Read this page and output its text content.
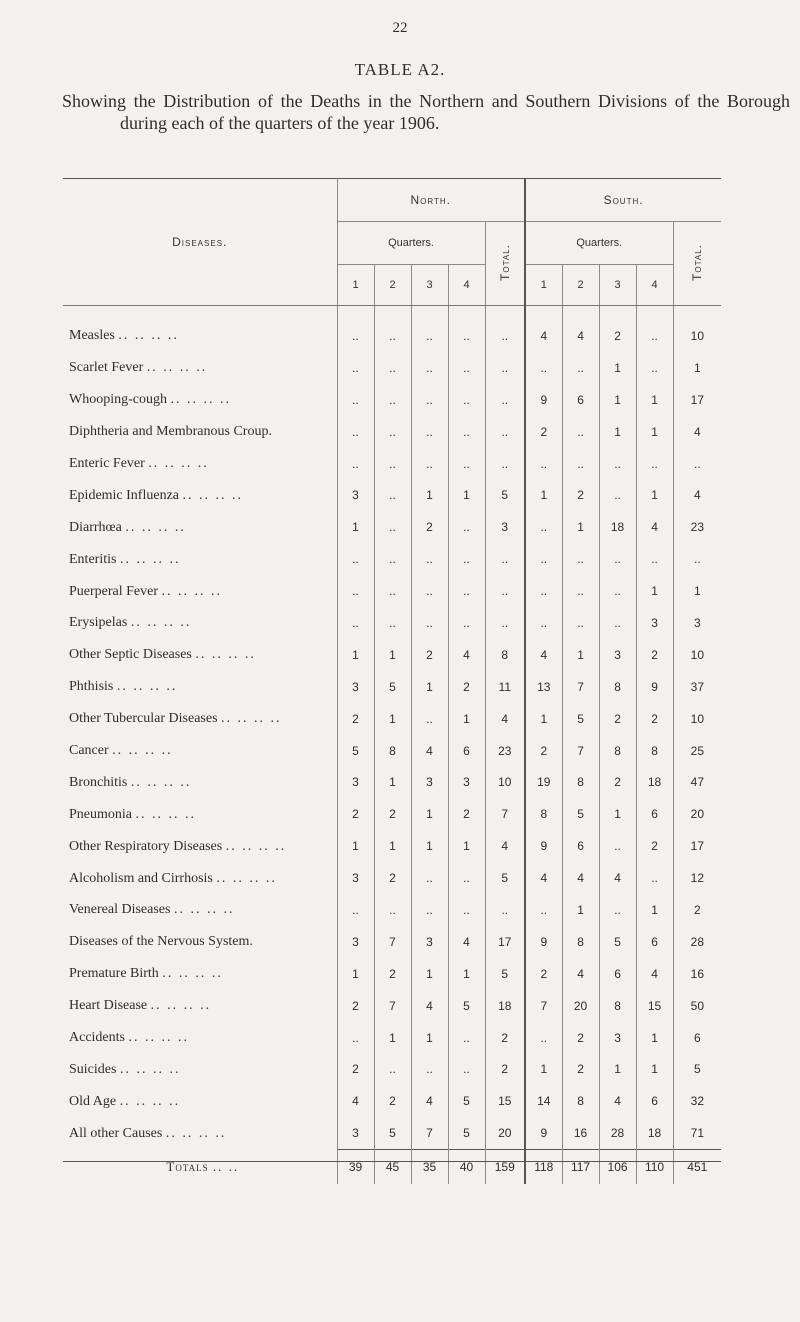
22
TABLE A2.
Showing the Distribution of the Deaths in the Northern and Southern Divisions of the Borough during each of the quarters of the year 1906.
Diseases.	North.					South.				
	Quarters.				Total.	Quarters.				Total.
	1	2	3	4		1	2	3	4	
Measles .. .. .. ..	..	..	..	..	..	4	4	2	..	10
Scarlet Fever .. .. .. ..	..	..	..	..	..	..	..	1	..	1
Whooping-cough .. .. .. ..	..	..	..	..	..	9	6	1	1	17
Diphtheria and Membranous Croup.	..	..	..	..	..	2	..	1	1	4
Enteric Fever .. .. .. ..	..	..	..	..	..	..	..	..	..	..
Epidemic Influenza .. .. .. ..	3	..	1	1	5	1	2	..	1	4
Diarrhœa .. .. .. ..	1	..	2	..	3	..	1	18	4	23
Enteritis .. .. .. ..	..	..	..	..	..	..	..	..	..	..
Puerperal Fever .. .. .. ..	..	..	..	..	..	..	..	..	1	1
Erysipelas .. .. .. ..	..	..	..	..	..	..	..	..	3	3
Other Septic Diseases .. .. .. ..	1	1	2	4	8	4	1	3	2	10
Phthisis .. .. .. ..	3	5	1	2	11	13	7	8	9	37
Other Tubercular Diseases .. .. .. ..	2	1	..	1	4	1	5	2	2	10
Cancer .. .. .. ..	5	8	4	6	23	2	7	8	8	25
Bronchitis .. .. .. ..	3	1	3	3	10	19	8	2	18	47
Pneumonia .. .. .. ..	2	2	1	2	7	8	5	1	6	20
Other Respiratory Diseases .. .. .. ..	1	1	1	1	4	9	6	..	2	17
Alcoholism and Cirrhosis .. .. .. ..	3	2	..	..	5	4	4	4	..	12
Venereal Diseases .. .. .. ..	..	..	..	..	..	..	1	..	1	2
Diseases of the Nervous System.	3	7	3	4	17	9	8	5	6	28
Premature Birth .. .. .. ..	1	2	1	1	5	2	4	6	4	16
Heart Disease .. .. .. ..	2	7	4	5	18	7	20	8	15	50
Accidents .. .. .. ..	..	1	1	..	2	..	2	3	1	6
Suicides .. .. .. ..	2	..	..	..	2	1	2	1	1	5
Old Age .. .. .. ..	4	2	4	5	15	14	8	4	6	32
All other Causes .. .. .. ..	3	5	7	5	20	9	16	28	18	71
Totals .. ..	39	45	35	40	159	118	117	106	110	451
